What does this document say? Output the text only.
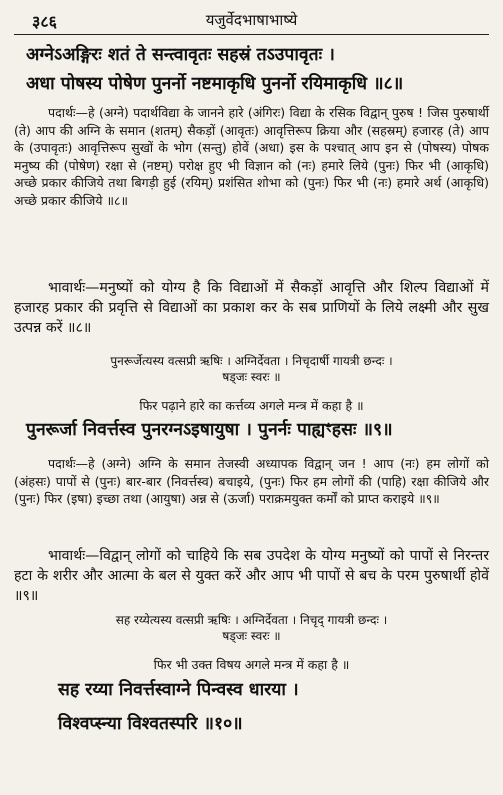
३८६	यजुर्वेदभाषाभाष्ये
अग्नेऽअङ्गिरः शतं ते सन्त्वावृतः सहस्रं तऽउपावृतः ।
अधा पोषस्य पोषेण पुनर्नो नष्टमाकृधि पुनर्नो रयिमाकृधि ॥८॥
पदार्थः—हे (अग्ने) पदार्थविद्या के जानने हारे (अंगिरः) विद्या के रसिक विद्वान् पुरुष ! जिस पुरुषार्थी (ते) आप की अग्नि के समान (शतम्) सैकड़ों (आवृतः) आवृत्तिरूप क्रिया और (सहस्रम्) हजारह (ते) आप के (उपावृतः) आवृत्तिरूप सुखों के भोग (सन्तु) होवें (अधा) इस के पश्चात् आप इन से (पोषस्य) पोषक मनुष्य की (पोषेण) रक्षा से (नष्टम्) परोक्ष हुए भी विज्ञान को (नः) हमारे लिये (पुनः) फिर भी (आकृधि) अच्छे प्रकार कीजिये तथा बिगड़ी हुई (रयिम्) प्रशंसित शोभा को (पुनः) फिर भी (नः) हमारे अर्थ (आकृधि) अच्छे प्रकार कीजिये ॥८॥
भावार्थः—मनुष्यों को योग्य है कि विद्याओं में सैकड़ों आवृत्ति और शिल्प विद्याओं में हजारह प्रकार की प्रवृत्ति से विद्याओं का प्रकाश कर के सब प्राणियों के लिये लक्ष्मी और सुख उत्पन्न करें ॥८॥
पुनरूर्जेत्यस्य वत्सप्री ऋषिः । अग्निर्देवता । निचृदार्षी गायत्री छन्दः ।
षड्जः स्वरः ॥
फिर पढ़ाने हारे का कर्त्तव्य अगले मन्त्र में कहा है ॥
पुनरूर्जा निवर्त्तस्व पुनरग्नऽइषायुषा । पुनर्नः पाह्यꣳहसः ॥९॥
पदार्थः—हे (अग्ने) अग्नि के समान तेजस्वी अध्यापक विद्वान् जन ! आप (नः) हम लोगों को (अंहसः) पापों से (पुनः) बार-बार (निवर्त्तस्व) बचाइये, (पुनः) फिर हम लोगों की (पाहि) रक्षा कीजिये और (पुनः) फिर (इषा) इच्छा तथा (आयुषा) अन्न से (ऊर्जा) पराक्रमयुक्त कर्मों को प्राप्त कराइये ॥९॥
भावार्थः—विद्वान् लोगों को चाहिये कि सब उपदेश के योग्य मनुष्यों को पापों से निरन्तर हटा के शरीर और आत्मा के बल से युक्त करें और आप भी पापों से बच के परम पुरुषार्थी होवें ॥९॥
सह रय्येत्यस्य वत्सप्री ऋषिः । अग्निर्देवता । निचृद् गायत्री छन्दः ।
षड्जः स्वरः ॥
फिर भी उक्त विषय अगले मन्त्र में कहा है ॥
सह रय्या निवर्त्तस्वाग्ने पिन्वस्व धारया ।
विश्वप्स्न्या विश्वतस्परि ॥१०॥
